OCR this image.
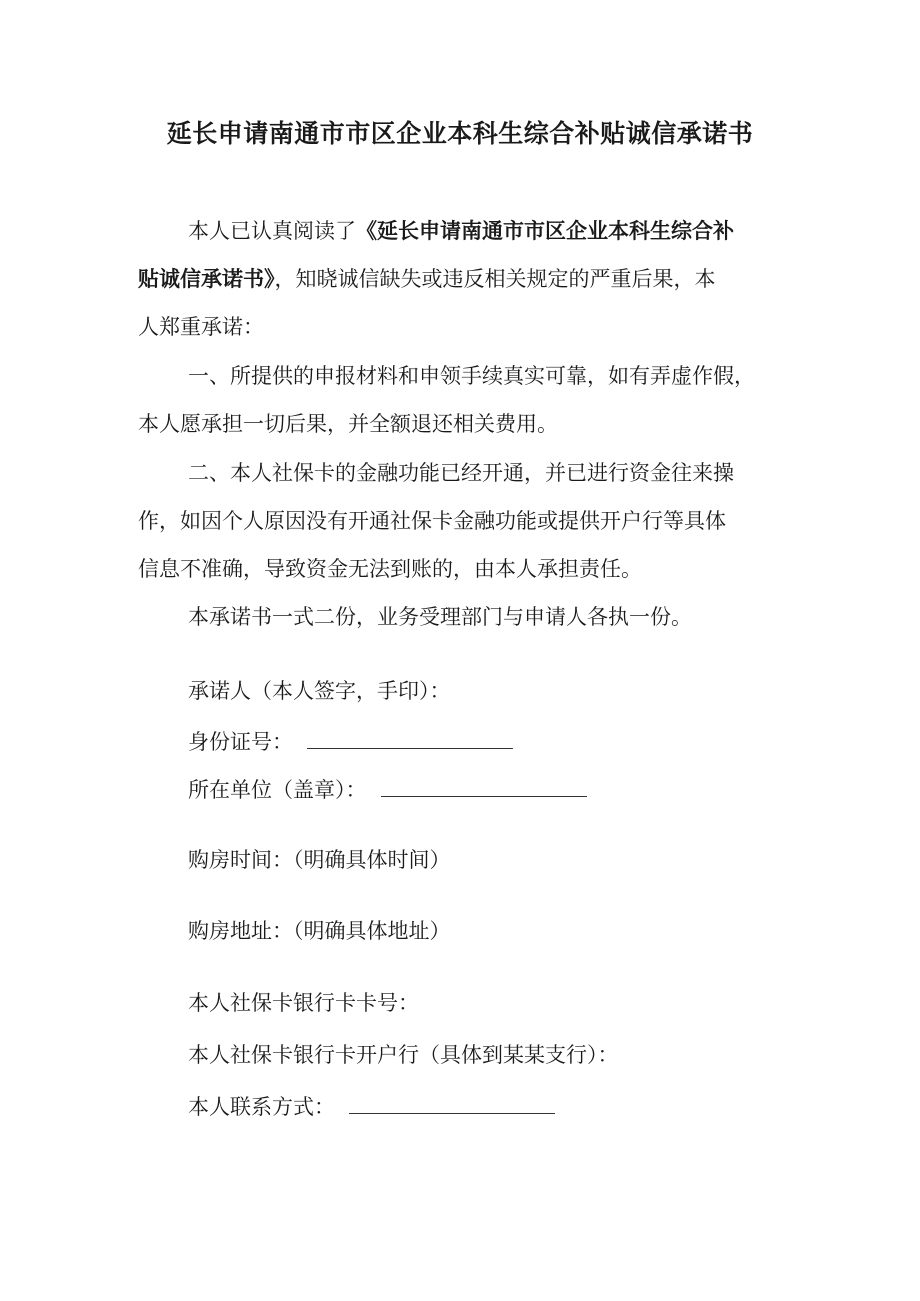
延长申请南通市市区企业本科生综合补贴诚信承诺书

本人已认真阅读了《延长申请南通市市区企业本科生综合补

贴诚信承诺书》，知晓诚信缺失或违反相关规定的严重后果，本

人郑重承诺：

一、所提供的申报材料和申领手续真实可靠，如有弄虚作假，

本人愿承担一切后果，并全额退还相关费用。

二、本人社保卡的金融功能已经开通，并已进行资金往来操

作，如因个人原因没有开通社保卡金融功能或提供开户行等具体

信息不准确，导致资金无法到账的，由本人承担责任。

本承诺书一式二份，业务受理部门与申请人各执一份。

承诺人（本人签字，手印）：

身份证号：

所在单位（盖章）：

购房时间：（明确具体时间）

购房地址：（明确具体地址）

本人社保卡银行卡卡号：

本人社保卡银行卡开户行（具体到某某支行）：

本人联系方式：
